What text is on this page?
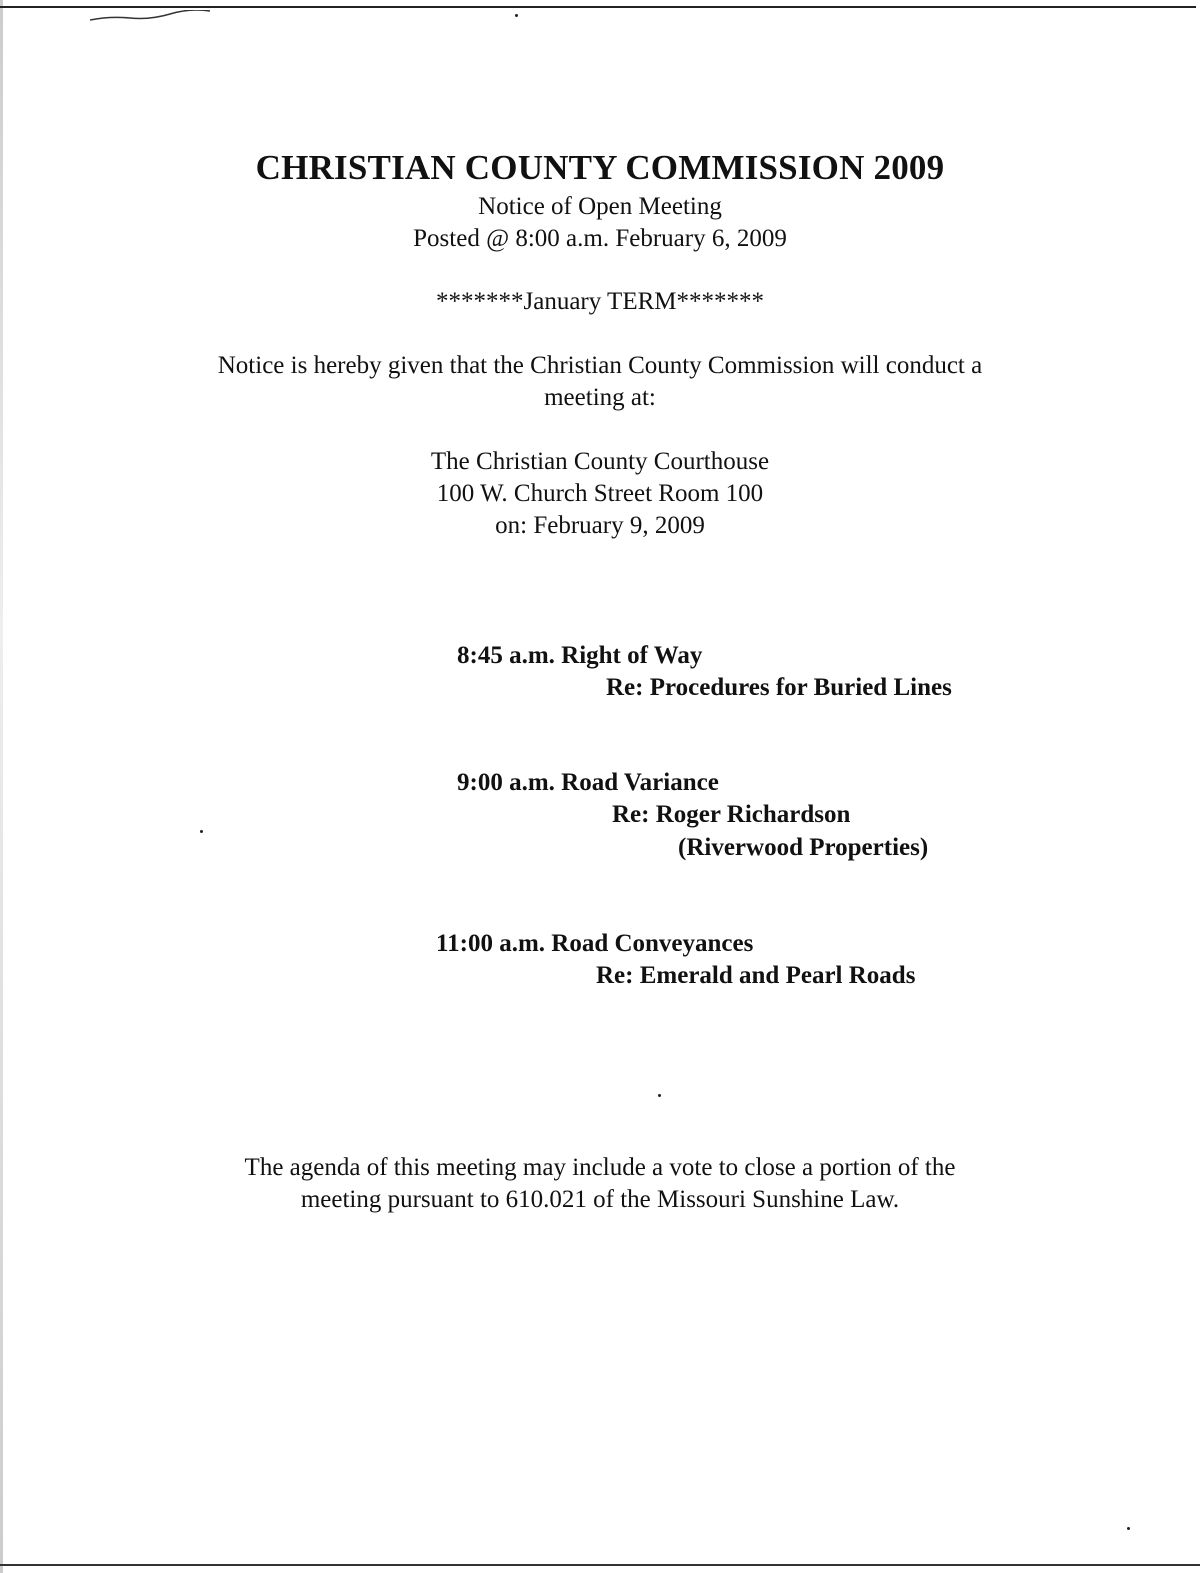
CHRISTIAN COUNTY COMMISSION 2009
Notice of Open Meeting
Posted @ 8:00 a.m. February 6, 2009
*******January TERM*******
Notice is hereby given that the Christian County Commission will conduct a
meeting at:
The Christian County Courthouse
100 W. Church Street Room 100
on: February 9, 2009
8:45 a.m. Right of Way
Re: Procedures for Buried Lines
9:00 a.m. Road Variance
Re: Roger Richardson
(Riverwood Properties)
11:00 a.m. Road Conveyances
Re: Emerald and Pearl Roads
The agenda of this meeting may include a vote to close a portion of the
meeting pursuant to 610.021 of the Missouri Sunshine Law.
